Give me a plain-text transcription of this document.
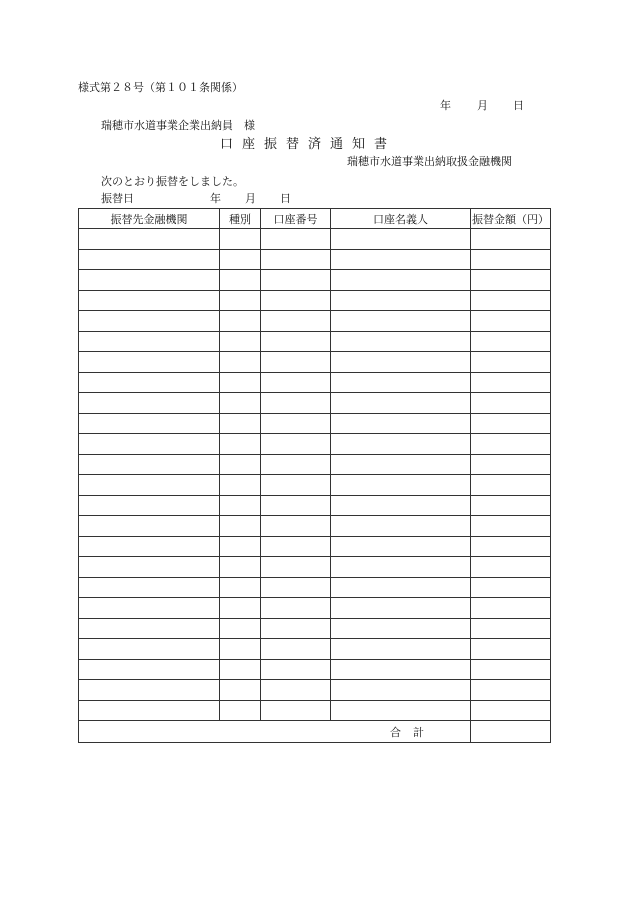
様式第２８号（第１０１条関係）
年 月 日
瑞穂市水道事業企業出納員　様
口座振替済通知書
瑞穂市水道事業出納取扱金融機関
次のとおり振替をしました。
振替日	年 月 日
振替先金融機関	種別	口座番号	口座名義人	振替金額（円）

合計				
